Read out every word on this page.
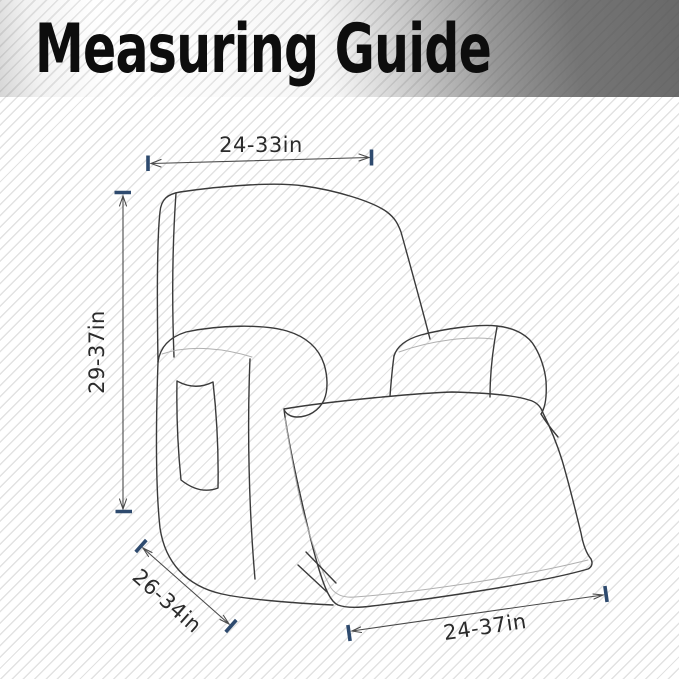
24-33in
29-37in
26-34in	24-37in
Measuring Guide
